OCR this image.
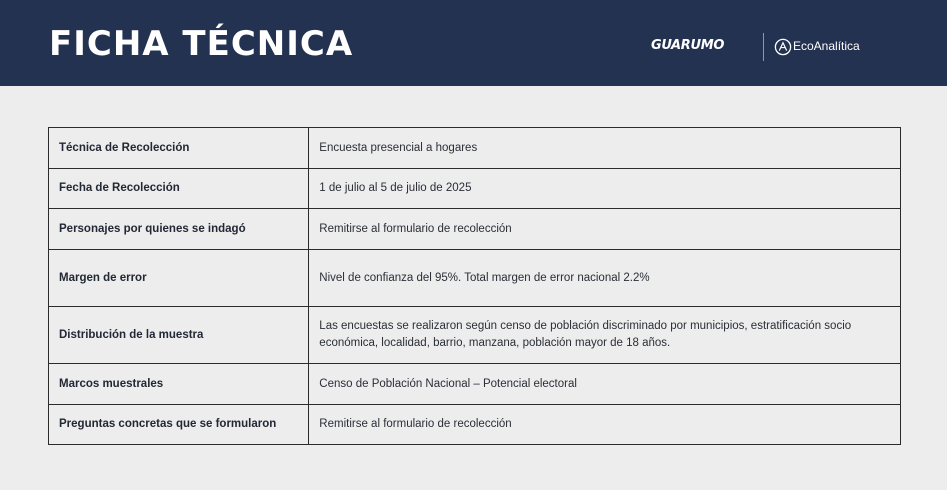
FICHA TÉCNICA	GUARUMO	EcoAnalítica
Técnica de Recolección	Encuesta presencial a hogares
Fecha de Recolección	1 de julio al 5 de julio de 2025
Personajes por quienes se indagó	Remitirse al formulario de recolección
Margen de error	Nivel de confianza del 95%. Total margen de error nacional 2.2%
Distribución de la muestra	Las encuestas se realizaron según censo de población discriminado por municipios, estratificación socio económica, localidad, barrio, manzana, población mayor de 18 años.
Marcos muestrales	Censo de Población Nacional – Potencial electoral
Preguntas concretas que se formularon	Remitirse al formulario de recolección
